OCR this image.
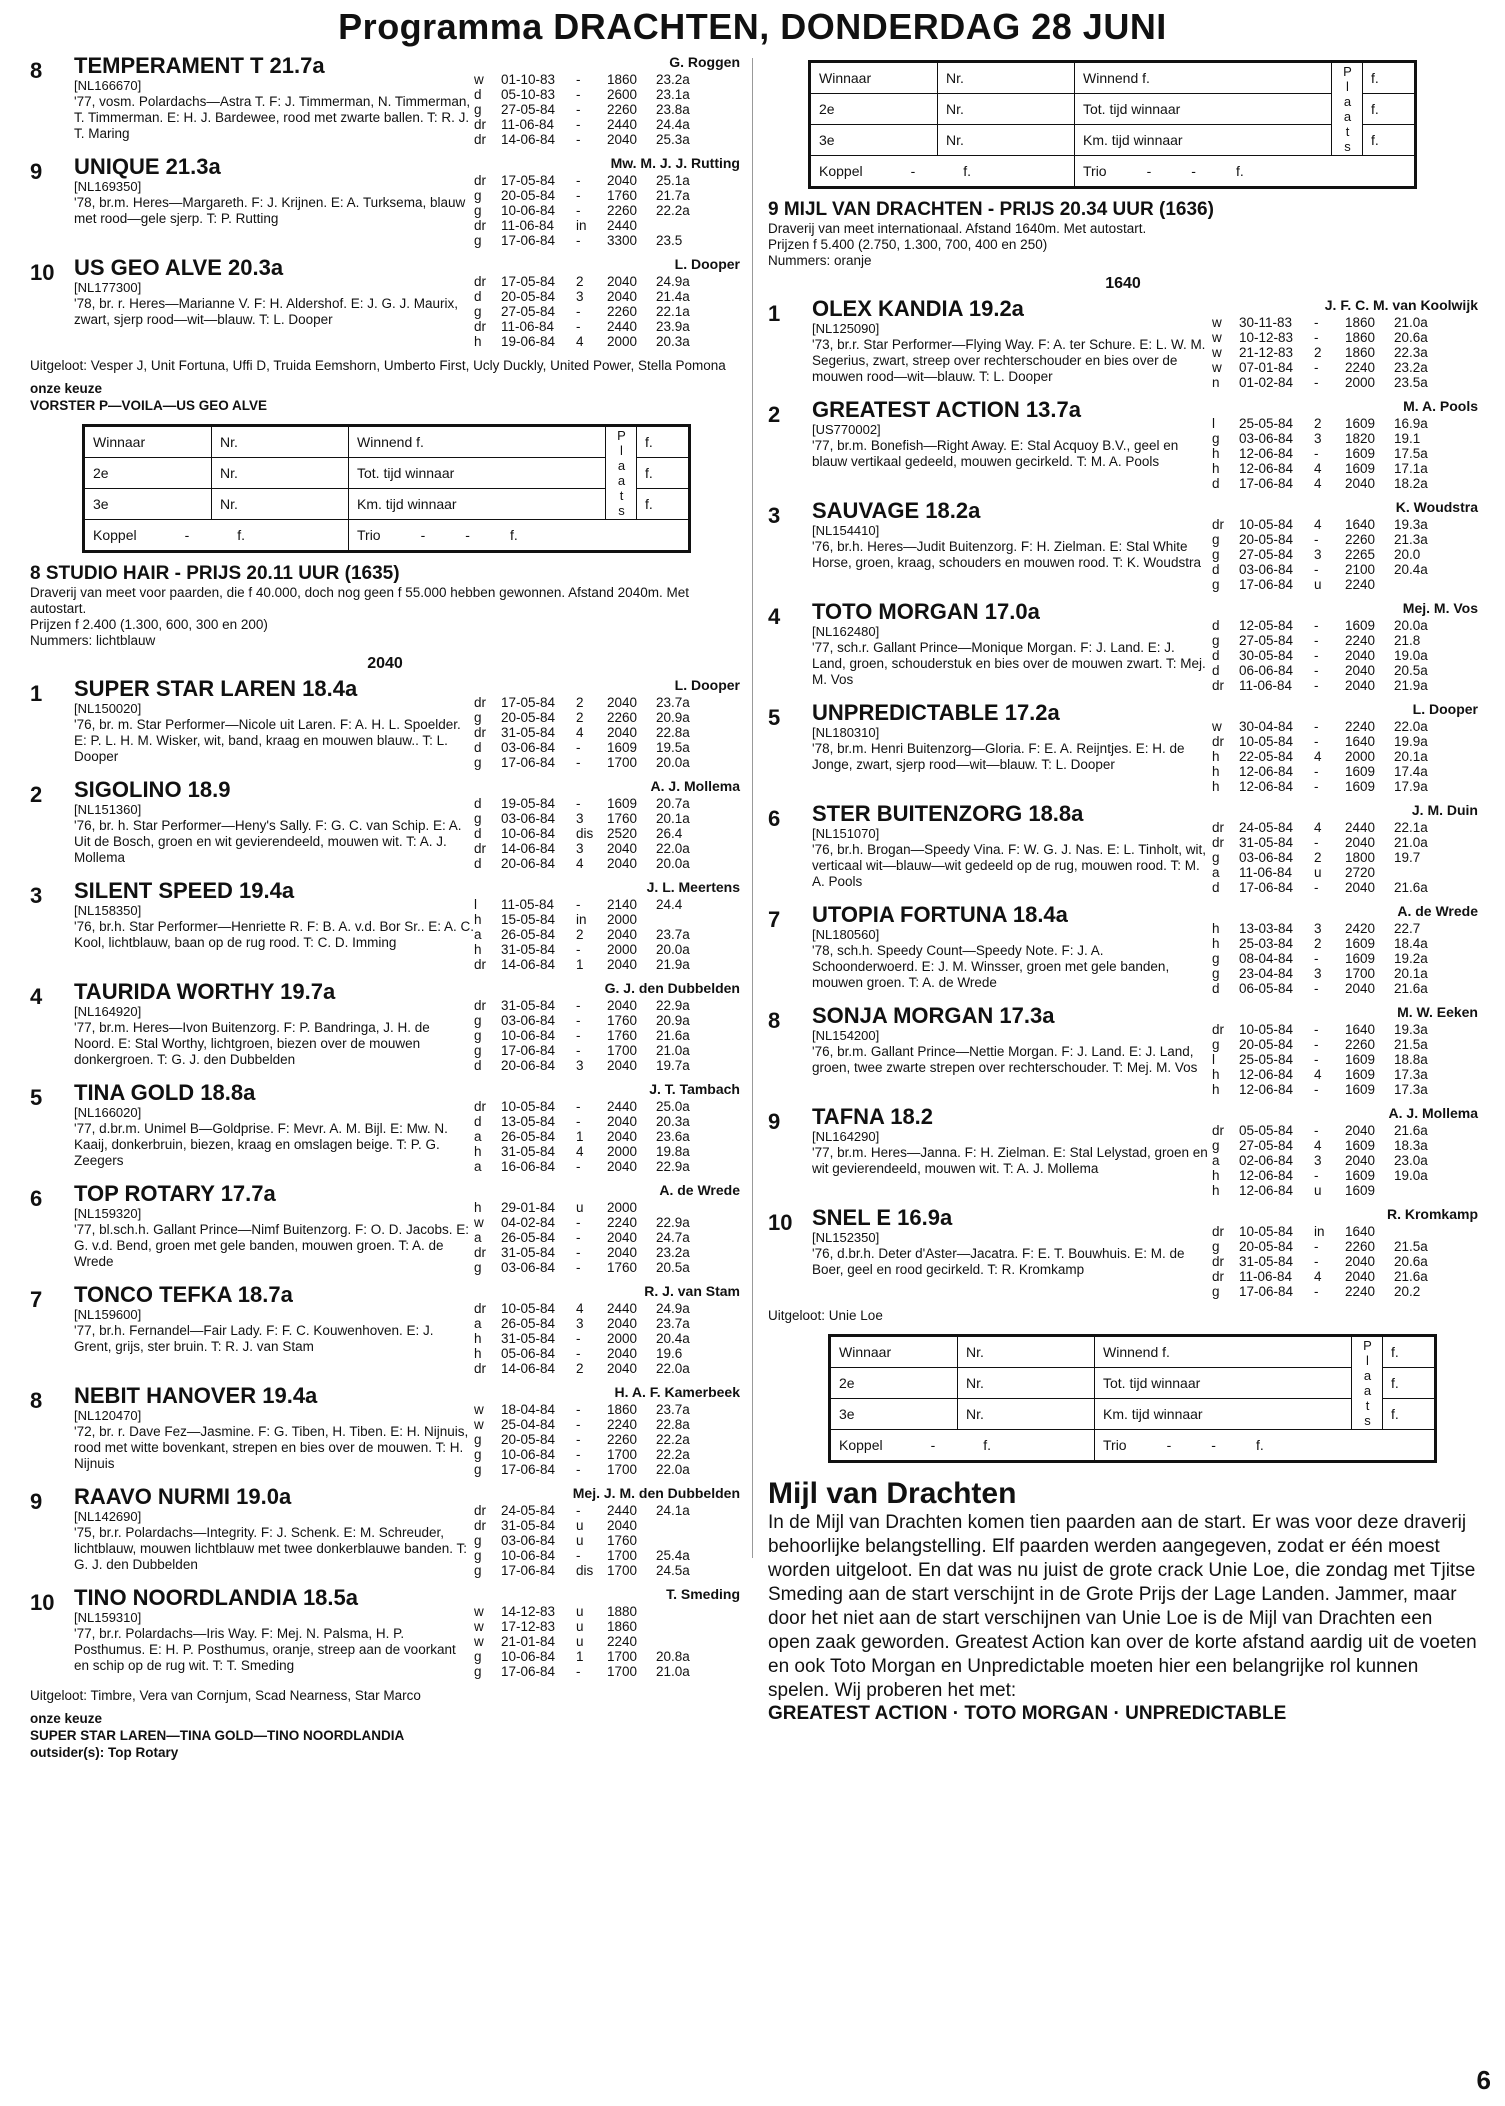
Programma DRACHTEN, DONDERDAG 28 JUNI
8	TEMPERAMENT T 21.7a
[NL166670]
'77, vosm. Polardachs—Astra T. F: J. Timmerman, N. Timmerman, T. Timmerman. E: H. J. Bardewee, rood met zwarte ballen. T: R. J. T. Maring
G. Roggen
w	01-10-83	-	1860	23.2a
d	05-10-83	-	2600	23.1a
g	27-05-84	-	2260	23.8a
dr	11-06-84	-	2440	24.4a
dr	14-06-84	-	2040	25.3a
9	UNIQUE 21.3a
[NL169350]
'78, br.m. Heres—Margareth. F: J. Krijnen. E: A. Turksema, blauw met rood—gele sjerp. T: P. Rutting
Mw. M. J. J. Rutting
dr	17-05-84	-	2040	25.1a
g	20-05-84	-	1760	21.7a
g	10-06-84	-	2260	22.2a
dr	11-06-84	in	2440	
g	17-06-84	-	3300	23.5
10 US GEO ALVE 20.3a
[NL177300]
'78, br. r. Heres—Marianne V. F: H. Aldershof. E: J. G. J. Maurix, zwart, sjerp rood—wit—blauw. T: L. Dooper
L. Dooper
dr	17-05-84	2	2040	24.9a
d	20-05-84	3	2040	21.4a
g	27-05-84	-	2260	22.1a
dr	11-06-84	-	2440	23.9a
h	19-06-84	4	2000	20.3a
Uitgeloot: Vesper J, Unit Fortuna, Uffi D, Truida Eemshorn, Umberto First, Ucly Duckly, United Power, Stella Pomona
onze keuze
VORSTER P—VOILA—US GEO ALVE
Winnaar	Nr.	Winnend f.	Plaats	f.
2e	Nr.	Tot. tijd winnaar		f.
3e	Nr.	Km. tijd winnaar		f.
Koppel - f.		Trio - - f.		
8 STUDIO HAIR - PRIJS 20.11 UUR (1635)
Draverij van meet voor paarden, die f 40.000, doch nog geen f 55.000 hebben gewonnen. Afstand 2040m. Met autostart.
Prijzen f 2.400 (1.300, 600, 300 en 200)
Nummers: lichtblauw
2040
1	SUPER STAR LAREN 18.4a
[NL150020]
'76, br. m. Star Performer—Nicole uit Laren. F: A. H. L. Spoelder. E: P. L. H. M. Wisker, wit, band, kraag en mouwen blauw.. T: L. Dooper
L. Dooper
dr	17-05-84	2	2040	23.7a
g	20-05-84	2	2260	20.9a
dr	31-05-84	4	2040	22.8a
d	03-06-84	-	1609	19.5a
g	17-06-84	-	1700	20.0a
2	SIGOLINO 18.9
[NL151360]
'76, br. h. Star Performer—Heny's Sally. F: G. C. van Schip. E: A. Uit de Bosch, groen en wit gevierendeeld, mouwen wit. T: A. J. Mollema
A. J. Mollema
d	19-05-84	-	1609	20.7a
g	03-06-84	3	1760	20.1a
d	10-06-84	dis	2520	26.4
dr	14-06-84	3	2040	22.0a
d	20-06-84	4	2040	20.0a
3	SILENT SPEED 19.4a
[NL158350]
'76, br.h. Star Performer—Henriette R. F: B. A. v.d. Bor Sr.. E: A. C. Kool, lichtblauw, baan op de rug rood. T: C. D. Imming
J. L. Meertens
l	11-05-84	-	2140	24.4
h	15-05-84	in	2000	
a	26-05-84	2	2040	23.7a
h	31-05-84	-	2000	20.0a
dr	14-06-84	1	2040	21.9a
4	TAURIDA WORTHY 19.7a
[NL164920]
'77, br.m. Heres—Ivon Buitenzorg. F: P. Bandringa, J. H. de Noord. E: Stal Worthy, lichtgroen, biezen over de mouwen donkergroen. T: G. J. den Dubbelden
G. J. den Dubbelden
dr	31-05-84	-	2040	22.9a
g	03-06-84	-	1760	20.9a
g	10-06-84	-	1760	21.6a
g	17-06-84	-	1700	21.0a
d	20-06-84	3	2040	19.7a
5	TINA GOLD 18.8a
[NL166020]
'77, d.br.m. Unimel B—Goldprise. F: Mevr. A. M. Bijl. E: Mw. N. Kaaij, donkerbruin, biezen, kraag en omslagen beige. T: P. G. Zeegers
J. T. Tambach
dr	10-05-84	-	2440	25.0a
d	13-05-84	-	2040	20.3a
a	26-05-84	1	2040	23.6a
h	31-05-84	4	2000	19.8a
a	16-06-84	-	2040	22.9a
6	TOP ROTARY 17.7a
[NL159320]
'77, bl.sch.h. Gallant Prince—Nimf Buitenzorg. F: O. D. Jacobs. E: G. v.d. Bend, groen met gele banden, mouwen groen. T: A. de Wrede
A. de Wrede
h	29-01-84	u	2000	
w	04-02-84	-	2240	22.9a
a	26-05-84	-	2040	24.7a
dr	31-05-84	-	2040	23.2a
g	03-06-84	-	1760	20.5a
7	TONCO TEFKA 18.7a
[NL159600]
'77, br.h. Fernandel—Fair Lady. F: F. C. Kouwenhoven. E: J. Grent, grijs, ster bruin. T: R. J. van Stam
R. J. van Stam
dr	10-05-84	4	2440	24.9a
a	26-05-84	3	2040	23.7a
h	31-05-84	-	2000	20.4a
h	05-06-84	-	2040	19.6
dr	14-06-84	2	2040	22.0a
8	NEBIT HANOVER 19.4a
[NL120470]
'72, br. r. Dave Fez—Jasmine. F: G. Tiben, H. Tiben. E: H. Nijnuis, rood met witte bovenkant, strepen en bies over de mouwen. T: H. Nijnuis
H. A. F. Kamerbeek
w	18-04-84	-	1860	23.7a
w	25-04-84	-	2240	22.8a
g	20-05-84	-	2260	22.2a
g	10-06-84	-	1700	22.2a
g	17-06-84	-	1700	22.0a
9	RAAVO NURMI 19.0a
[NL142690]
'75, br.r. Polardachs—Integrity. F: J. Schenk. E: M. Schreuder, lichtblauw, mouwen lichtblauw met twee donkerblauwe banden. T: G. J. den Dubbelden
Mej. J. M. den Dubbelden
dr	24-05-84	-	2440	24.1a
dr	31-05-84	u	2040	
g	03-06-84	u	1760	
g	10-06-84	-	1700	25.4a
g	17-06-84	dis	1700	24.5a
10 TINO NOORDLANDIA 18.5a
[NL159310]
'77, br.r. Polardachs—Iris Way. F: Mej. N. Palsma, H. P. Posthumus. E: H. P. Posthumus, oranje, streep aan de voorkant en schip op de rug wit. T: T. Smeding
T. Smeding
w	14-12-83	u	1880	
w	17-12-83	u	1860	
w	21-01-84	u	2240	
g	10-06-84	1	1700	20.8a
g	17-06-84	-	1700	21.0a
Uitgeloot: Timbre, Vera van Cornjum, Scad Nearness, Star Marco
onze keuze
SUPER STAR LAREN—TINA GOLD—TINO NOORDLANDIA
outsider(s): Top Rotary
Winnaar	Nr.	Winnend f.	Plaats	f.
2e	Nr.	Tot. tijd winnaar		f.
3e	Nr.	Km. tijd winnaar		f.
Koppel - f.		Trio - - f.		
9 MIJL VAN DRACHTEN - PRIJS 20.34 UUR (1636)
Draverij van meet internationaal. Afstand 1640m. Met autostart.
Prijzen f 5.400 (2.750, 1.300, 700, 400 en 250)
Nummers: oranje
1640
1	OLEX KANDIA 19.2a
[NL125090]
'73, br.r. Star Performer—Flying Way. F: A. ter Schure. E: L. W. M. Segerius, zwart, streep over rechterschouder en bies over de mouwen rood—wit—blauw. T: L. Dooper
J. F. C. M. van Koolwijk
w	30-11-83	-	1860	21.0a
w	10-12-83	-	1860	20.6a
w	21-12-83	2	1860	22.3a
w	07-01-84	-	2240	23.2a
n	01-02-84	-	2000	23.5a
2	GREATEST ACTION 13.7a
[US770002]
'77, br.m. Bonefish—Right Away. E: Stal Acquoy B.V., geel en blauw vertikaal gedeeld, mouwen gecirkeld. T: M. A. Pools
M. A. Pools
l	25-05-84	2	1609	16.9a
g	03-06-84	3	1820	19.1
h	12-06-84	-	1609	17.5a
h	12-06-84	4	1609	17.1a
d	17-06-84	4	2040	18.2a
3	SAUVAGE 18.2a
[NL154410]
'76, br.h. Heres—Judit Buitenzorg. F: H. Zielman. E: Stal White Horse, groen, kraag, schouders en mouwen rood. T: K. Woudstra
K. Woudstra
dr	10-05-84	4	1640	19.3a
g	20-05-84	-	2260	21.3a
g	27-05-84	3	2265	20.0
d	03-06-84	-	2100	20.4a
g	17-06-84	u	2240	
4	TOTO MORGAN 17.0a
[NL162480]
'77, sch.r. Gallant Prince—Monique Morgan. F: J. Land. E: J. Land, groen, schouderstuk en bies over de mouwen zwart. T: Mej. M. Vos
Mej. M. Vos
d	12-05-84	-	1609	20.0a
g	27-05-84	-	2240	21.8
d	30-05-84	-	2040	19.0a
d	06-06-84	-	2040	20.5a
dr	11-06-84	-	2040	21.9a
5	UNPREDICTABLE 17.2a
[NL180310]
'78, br.m. Henri Buitenzorg—Gloria. F: E. A. Reijntjes. E: H. de Jonge, zwart, sjerp rood—wit—blauw. T: L. Dooper
L. Dooper
w	30-04-84	-	2240	22.0a
dr	10-05-84	-	1640	19.9a
h	22-05-84	4	2000	20.1a
h	12-06-84	-	1609	17.4a
h	12-06-84	-	1609	17.9a
6	STER BUITENZORG 18.8a
[NL151070]
'76, br.h. Brogan—Speedy Vina. F: W. G. J. Nas. E: L. Tinholt, wit, verticaal wit—blauw—wit gedeeld op de rug, mouwen rood. T: M. A. Pools
J. M. Duin
dr	24-05-84	4	2440	22.1a
dr	31-05-84	-	2040	21.0a
g	03-06-84	2	1800	19.7
a	11-06-84	u	2720	
d	17-06-84	-	2040	21.6a
7	UTOPIA FORTUNA 18.4a
[NL180560]
'78, sch.h. Speedy Count—Speedy Note. F: J. A. Schoonderwoerd. E: J. M. Winsser, groen met gele banden, mouwen groen. T: A. de Wrede
A. de Wrede
h	13-03-84	3	2420	22.7
h	25-03-84	2	1609	18.4a
g	08-04-84	-	1609	19.2a
g	23-04-84	3	1700	20.1a
d	06-05-84	-	2040	21.6a
8	SONJA MORGAN 17.3a
[NL154200]
'76, br.m. Gallant Prince—Nettie Morgan. F: J. Land. E: J. Land, groen, twee zwarte strepen over rechterschouder. T: Mej. M. Vos
M. W. Eeken
dr	10-05-84	-	1640	19.3a
g	20-05-84	-	2260	21.5a
l	25-05-84	-	1609	18.8a
h	12-06-84	4	1609	17.3a
h	12-06-84	-	1609	17.3a
9	TAFNA 18.2
[NL164290]
'77, br.m. Heres—Janna. F: H. Zielman. E: Stal Lelystad, groen en wit gevierendeeld, mouwen wit. T: A. J. Mollema
A. J. Mollema
dr	05-05-84	-	2040	21.6a
g	27-05-84	4	1609	18.3a
a	02-06-84	3	2040	23.0a
h	12-06-84	-	1609	19.0a
h	12-06-84	u	1609	
10 SNEL E 16.9a
[NL152350]
'76, d.br.h. Deter d'Aster—Jacatra. F: E. T. Bouwhuis. E: M. de Boer, geel en rood gecirkeld. T: R. Kromkamp
R. Kromkamp
dr	10-05-84	in	1640	
g	20-05-84	-	2260	21.5a
dr	31-05-84	-	2040	20.6a
dr	11-06-84	4	2040	21.6a
g	17-06-84	-	2240	20.2
Uitgeloot: Unie Loe
Winnaar	Nr.	Winnend f.	Plaats	f.
2e	Nr.	Tot. tijd winnaar		f.
3e	Nr.	Km. tijd winnaar		f.
Koppel - f.		Trio - - f.		
Mijl van Drachten
In de Mijl van Drachten komen tien paarden aan de start. Er was voor deze draverij behoorlijke belangstelling. Elf paarden werden aangegeven, zodat er één moest worden uitgeloot. En dat was nu juist de grote crack Unie Loe, die zondag met Tjitse Smeding aan de start verschijnt in de Grote Prijs der Lage Landen. Jammer, maar door het niet aan de start verschijnen van Unie Loe is de Mijl van Drachten een open zaak geworden. Greatest Action kan over de korte afstand aardig uit de voeten en ook Toto Morgan en Unpredictable moeten hier een belangrijke rol kunnen spelen. Wij proberen het met:
GREATEST ACTION · TOTO MORGAN · UNPREDICTABLE
6
